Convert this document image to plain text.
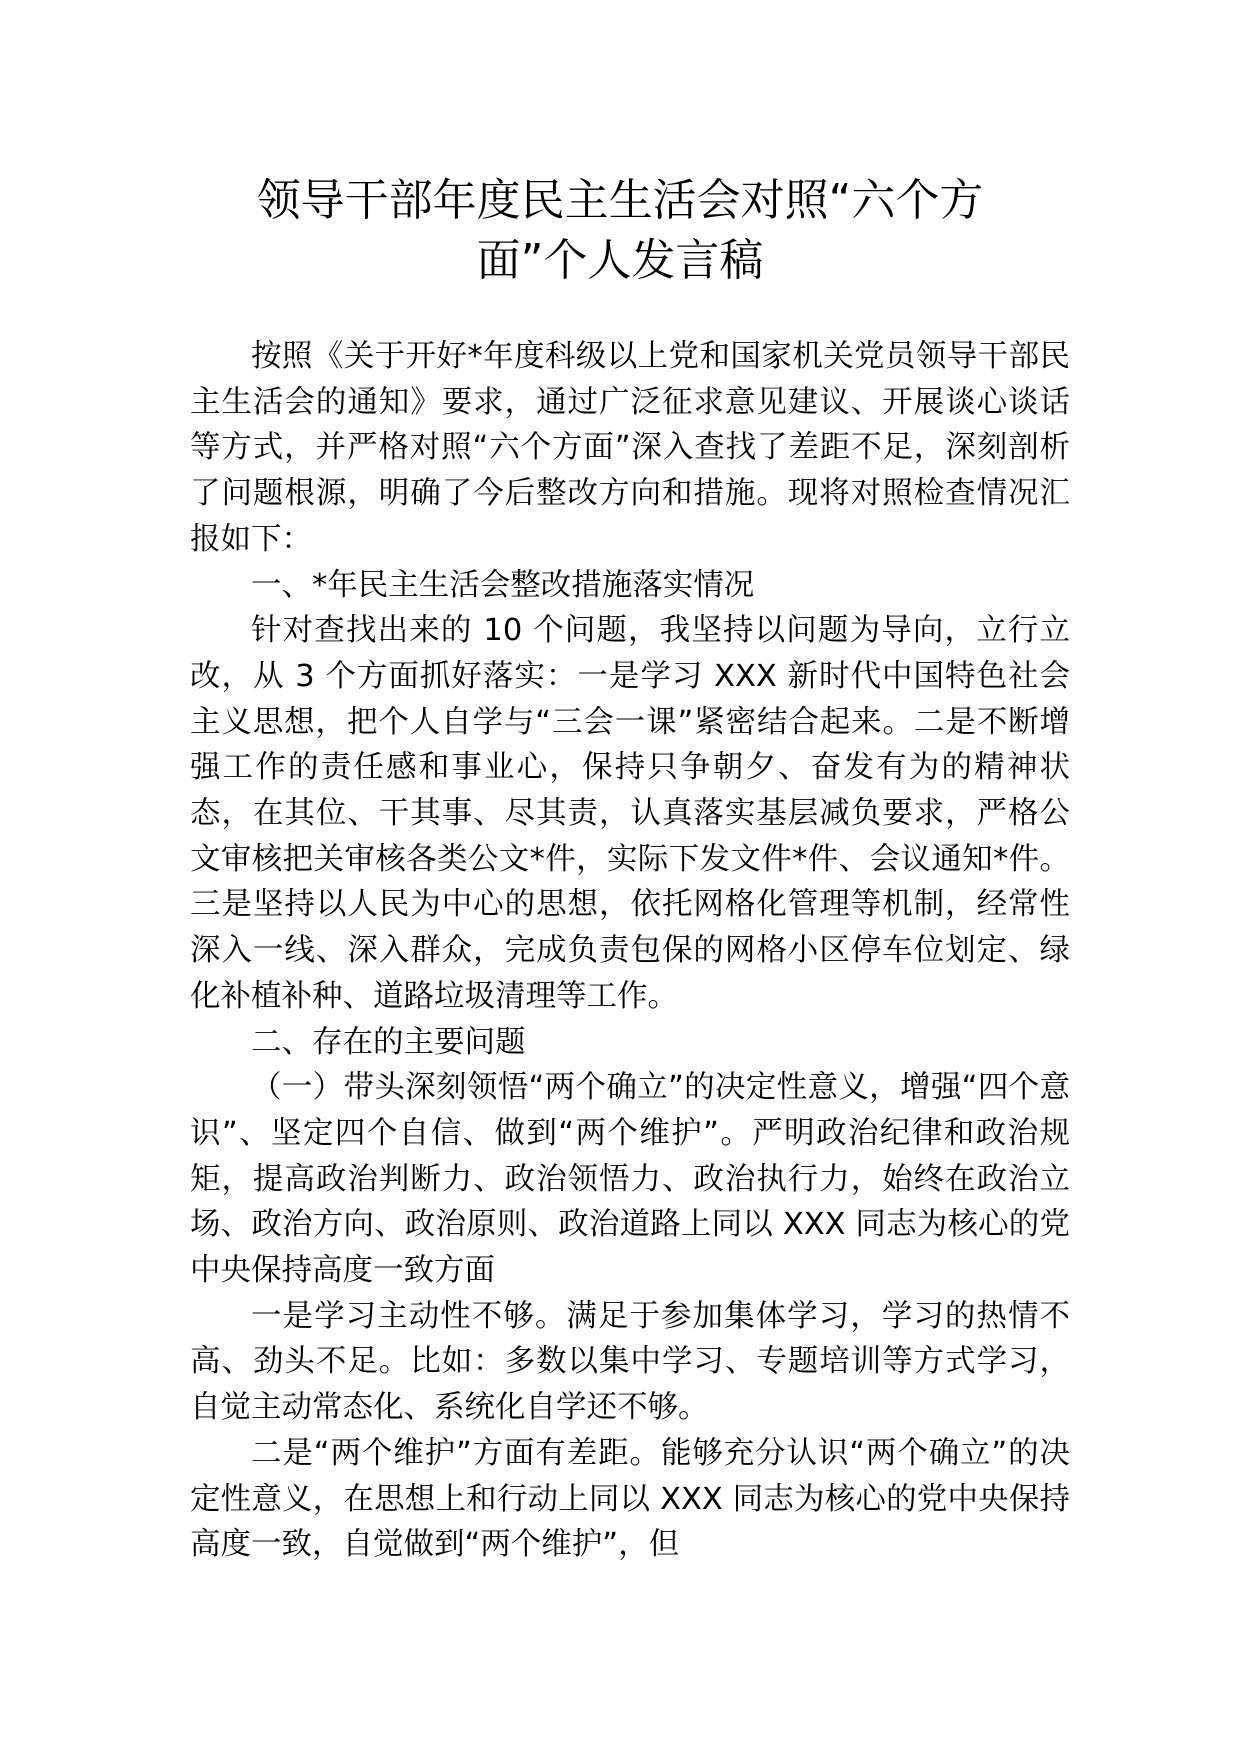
领导干部年度民主生活会对照“六个方
面”个人发言稿

按照《关于开好*年度科级以上党和国家机关党员领导干部民主生活会的通知》要求，通过广泛征求意见建议、开展谈心谈话等方式，并严格对照“六个方面”深入查找了差距不足，深刻剖析了问题根源，明确了今后整改方向和措施。现将对照检查情况汇报如下：

一、*年民主生活会整改措施落实情况

针对查找出来的 10 个问题，我坚持以问题为导向，立行立改，从 3 个方面抓好落实：一是学习 XXX 新时代中国特色社会主义思想，把个人自学与“三会一课”紧密结合起来。二是不断增强工作的责任感和事业心，保持只争朝夕、奋发有为的精神状态，在其位、干其事、尽其责，认真落实基层减负要求，严格公文审核把关审核各类公文*件，实际下发文件*件、会议通知*件。三是坚持以人民为中心的思想，依托网格化管理等机制，经常性深入一线、深入群众，完成负责包保的网格小区停车位划定、绿化补植补种、道路垃圾清理等工作。

二、存在的主要问题

（一）带头深刻领悟“两个确立”的决定性意义，增强“四个意识”、坚定四个自信、做到“两个维护”。严明政治纪律和政治规矩，提高政治判断力、政治领悟力、政治执行力，始终在政治立场、政治方向、政治原则、政治道路上同以 XXX 同志为核心的党中央保持高度一致方面

一是学习主动性不够。满足于参加集体学习，学习的热情不高、劲头不足。比如：多数以集中学习、专题培训等方式学习，自觉主动常态化、系统化自学还不够。

二是“两个维护”方面有差距。能够充分认识“两个确立”的决定性意义，在思想上和行动上同以 XXX 同志为核心的党中央保持高度一致，自觉做到“两个维护”，但
